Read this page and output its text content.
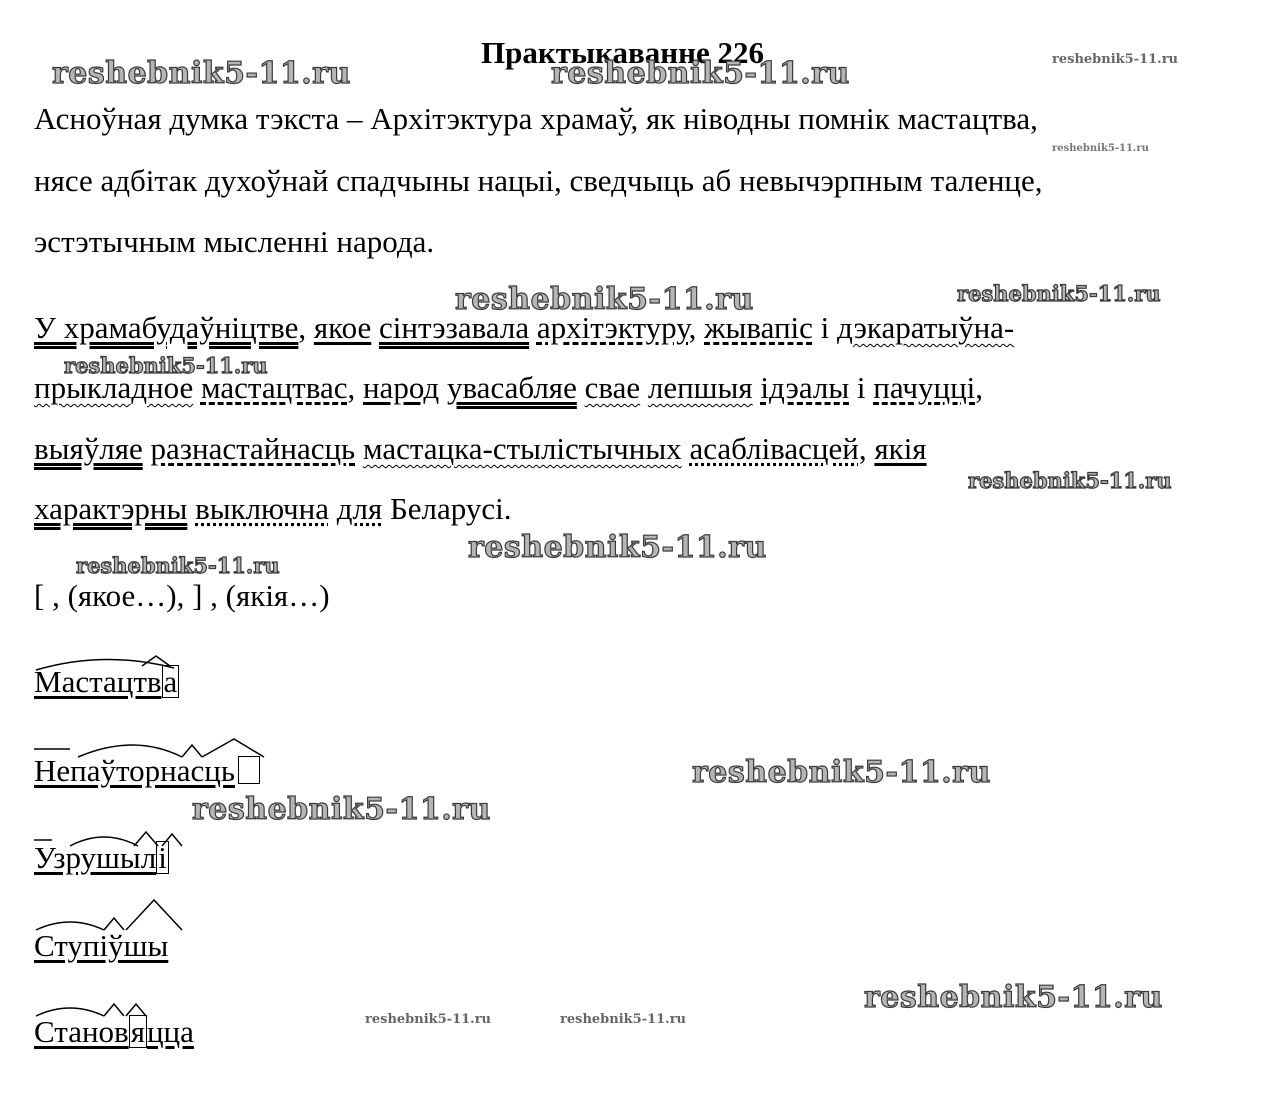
Практыкаванне 226
reshebnik5-11.ru	reshebnik5-11.ru	reshebnik5-11.ru
reshebnik5-11.ru
reshebnik5-11.ru	reshebnik5-11.ru
reshebnik5-11.ru
reshebnik5-11.ru
reshebnik5-11.ru
reshebnik5-11.ru
reshebnik5-11.ru
reshebnik5-11.ru
reshebnik5-11.ru
reshebnik5-11.ru	reshebnik5-11.ru
Асноўная думка тэкста – Архітэктура храмаў, як ніводны помнік мастацтва,
нясе адбітак духоўнай спадчыны нацыі, сведчыць аб невычэрпным таленце,
эстэтычным мысленні народа.
У храмабудаўніцтве, якое сінтэзавала архітэктуру, жывапіс і дэкаратыўна-
прыкладное мастацтвас, народ увасабляе свае лепшыя ідэалы і пачуцці,
выяўляе разнастайнасць мастацка-стылістычных асаблівасцей, якія
характэрны выключна для Беларусі.
[ , (якое…), ] , (якія…)
Мастацтва
Непаўторнасць
Узрушылі
Ступіўшы
Становяцца
